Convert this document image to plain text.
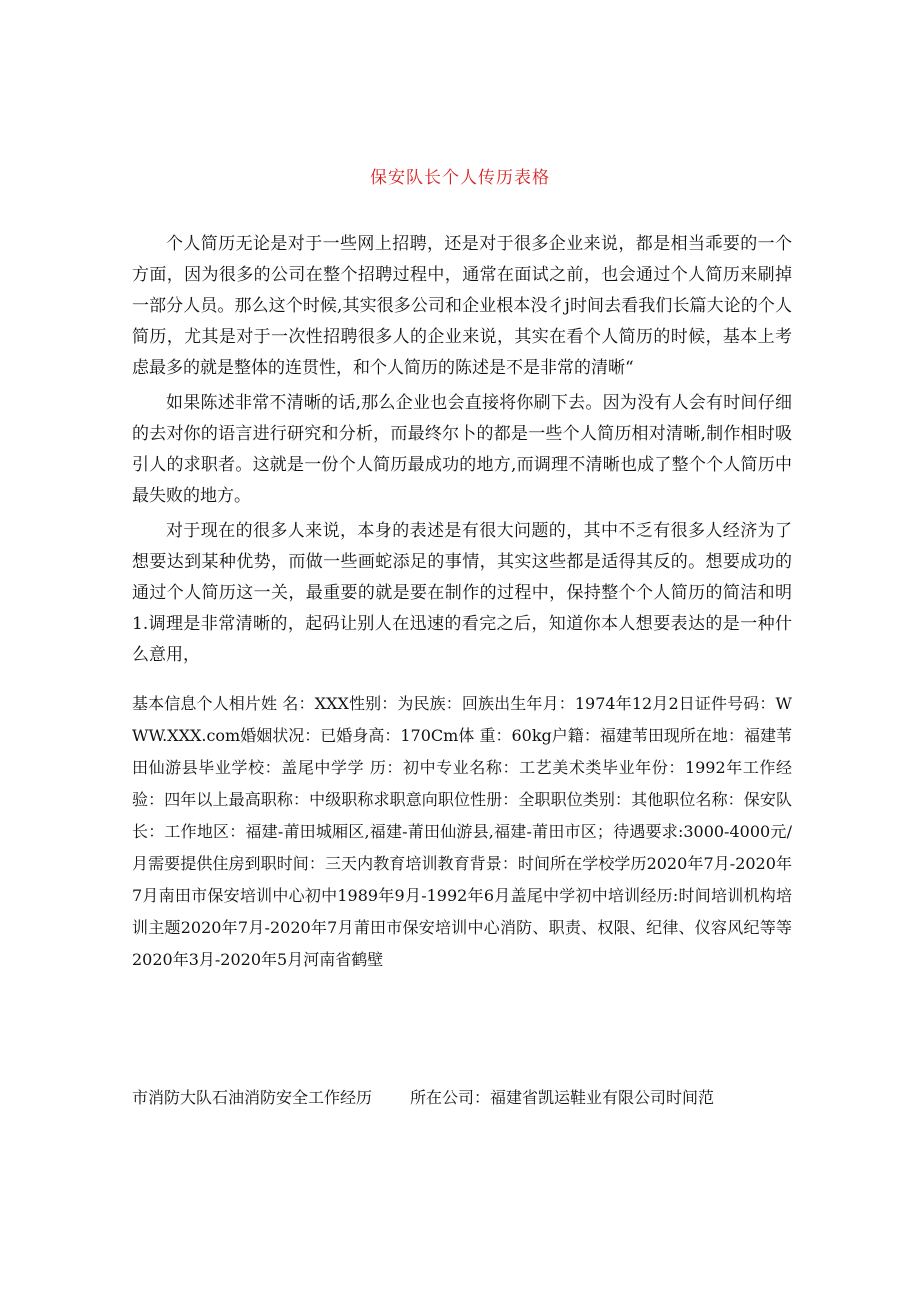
保安队长个人传历表格

个人简历无论是对于一些网上招聘，还是对于很多企业来说，都是相当乖要的一个方面，因为很多的公司在整个招聘过程中，通常在面试之前，也会通过个人简历来刷掉一部分人员。那么这个时候,其实很多公司和企业根本没彳j时间去看我们长篇大论的个人简历，尤其是对于一次性招聘很多人的企业来说，其实在看个人简历的时候，基本上考虑最多的就是整体的连贯性，和个人简历的陈述是不是非常的清晰“

如果陈述非常不清晰的话,那么企业也会直接将你刷下去。因为没有人会有时间仔细的去对你的语言进行研究和分析，而最终尔卜的都是一些个人简历相对清晰,制作相时吸引人的求职者。这就是一份个人简历最成功的地方,而调理不清晰也成了整个个人简历中最失败的地方。

对于现在的很多人来说，本身的表述是有很大问题的，其中不乏有很多人经济为了想要达到某种优势，而做一些画蛇添足的事情，其实这些都是适得其反的。想要成功的通过个人简历这一关，最重要的就是要在制作的过程中，保持整个个人简历的简洁和明1.调理是非常清晰的，起码让别人在迅速的看完之后，知道你本人想要表达的是一种什么意用，

基本信息个人相片姓 名：XXX性别：为民族：回族出生年月：1974年12月2日证件号码：WWW.XXX.com婚姻状况：已婚身高：170Cm体 重：60kg户籍：福建苇田现所在地：福建苇田仙游县毕业学校：盖尾中学学 历：初中专业名称：工艺美术类毕业年份：1992年工作经验：四年以上最高职称：中级职称求职意向职位性册：全职职位类别：其他职位名称：保安队长：工作地区：福建-莆田城厢区,福建-莆田仙游县,福建-莆田市区；待遇要求:3000-4000元/月需要提供住房到职时间：三天内教育培训教育背景：时间所在学校学历2020年7月-2020年7月南田市保安培训中心初中1989年9月-1992年6月盖尾中学初中培训经历:时间培训机构培训主题2020年7月-2020年7月莆田市保安培训中心消防、职责、权限、纪律、仪容风纪等等2020年3月-2020年5月河南省鹤壁

市消防大队石油消防安全工作经历 所在公司：福建省凯运鞋业有限公司时间范
